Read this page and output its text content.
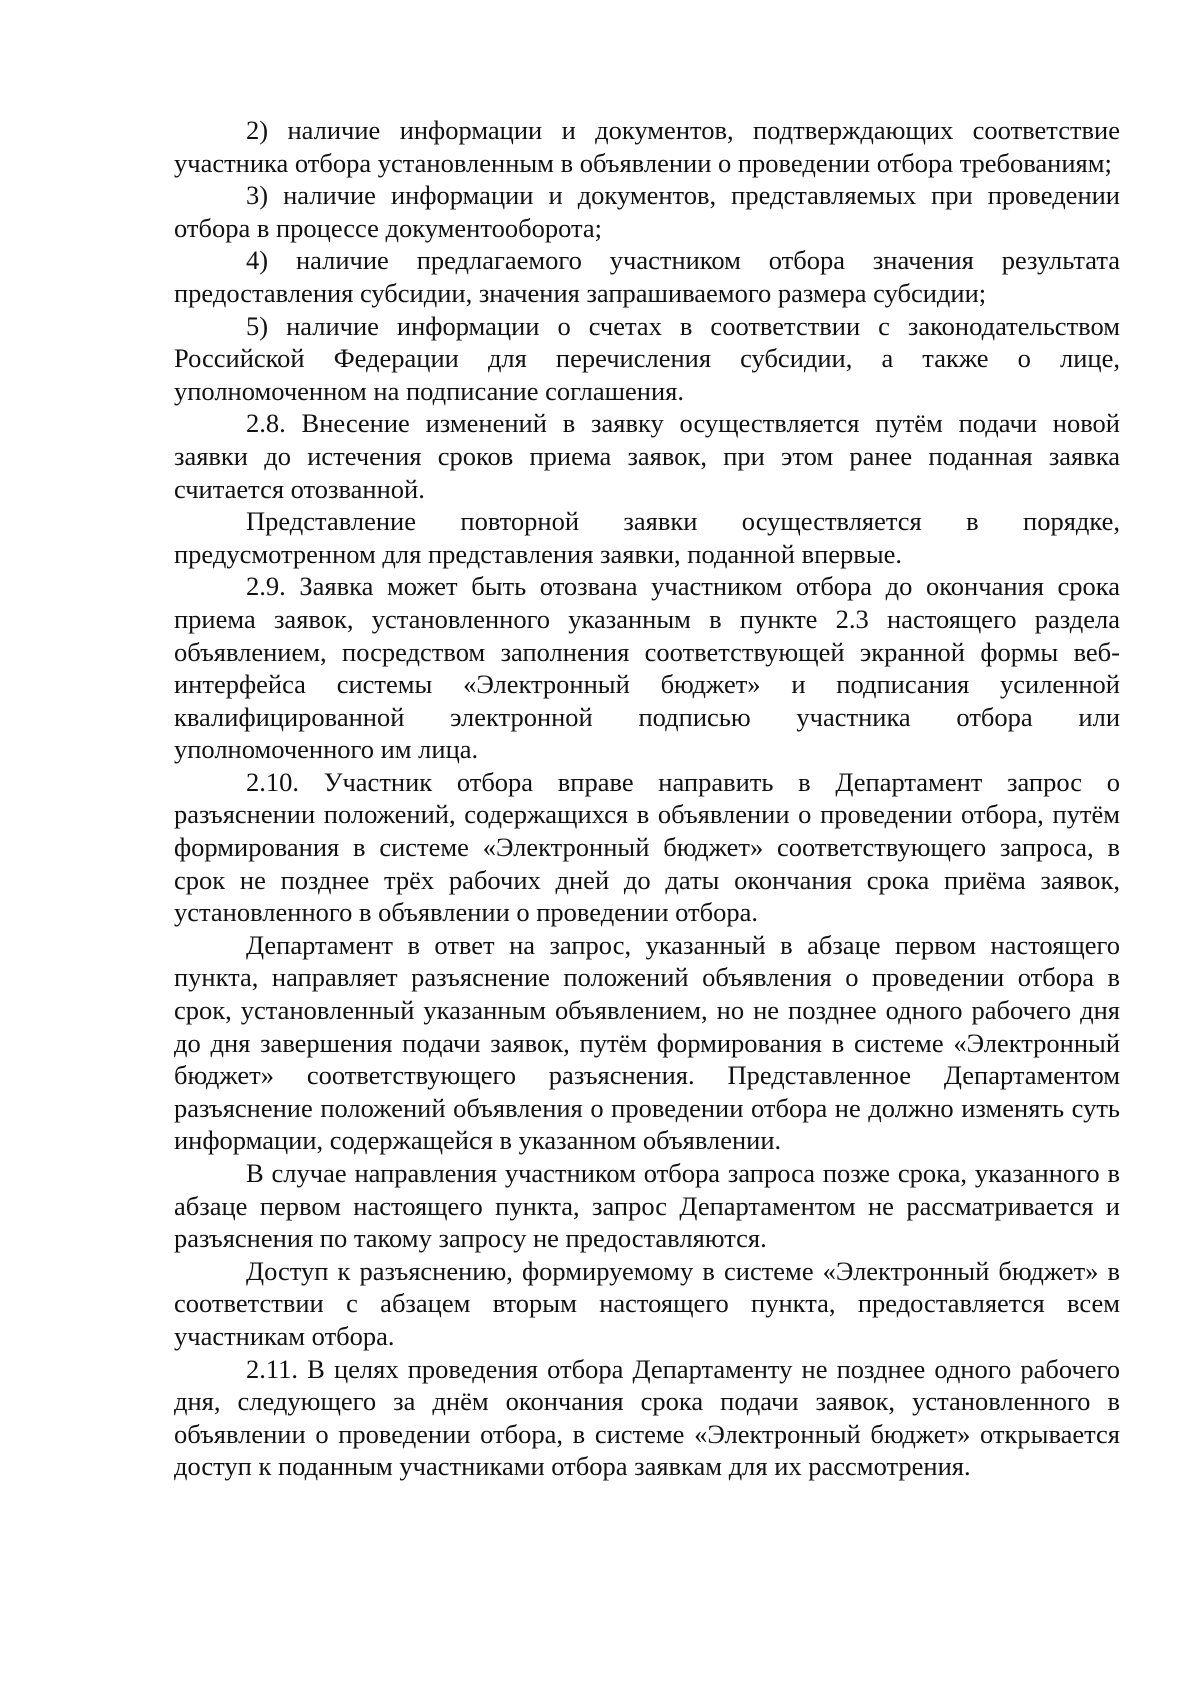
2) наличие информации и документов, подтверждающих соответствие участника отбора установленным в объявлении о проведении отбора требованиям;

3) наличие информации и документов, представляемых при проведении отбора в процессе документооборота;

4) наличие предлагаемого участником отбора значения результата предоставления субсидии, значения запрашиваемого размера субсидии;

5) наличие информации о счетах в соответствии с законодательством Российской Федерации для перечисления субсидии, а также о лице, уполномоченном на подписание соглашения.

2.8. Внесение изменений в заявку осуществляется путём подачи новой заявки до истечения сроков приема заявок, при этом ранее поданная заявка считается отозванной.

Представление повторной заявки осуществляется в порядке, предусмотренном для представления заявки, поданной впервые.

2.9. Заявка может быть отозвана участником отбора до окончания срока приема заявок, установленного указанным в пункте 2.3 настоящего раздела объявлением, посредством заполнения соответствующей экранной формы веб-интерфейса системы «Электронный бюджет» и подписания усиленной квалифицированной электронной подписью участника отбора или уполномоченного им лица.

2.10. Участник отбора вправе направить в Департамент запрос о разъяснении положений, содержащихся в объявлении о проведении отбора, путём формирования в системе «Электронный бюджет» соответствующего запроса, в срок не позднее трёх рабочих дней до даты окончания срока приёма заявок, установленного в объявлении о проведении отбора.

Департамент в ответ на запрос, указанный в абзаце первом настоящего пункта, направляет разъяснение положений объявления о проведении отбора в срок, установленный указанным объявлением, но не позднее одного рабочего дня до дня завершения подачи заявок, путём формирования в системе «Электронный бюджет» соответствующего разъяснения. Представленное Департаментом разъяснение положений объявления о проведении отбора не должно изменять суть информации, содержащейся в указанном объявлении.

В случае направления участником отбора запроса позже срока, указанного в абзаце первом настоящего пункта, запрос Департаментом не рассматривается и разъяснения по такому запросу не предоставляются.

Доступ к разъяснению, формируемому в системе «Электронный бюджет» в соответствии с абзацем вторым настоящего пункта, предоставляется всем участникам отбора.

2.11. В целях проведения отбора Департаменту не позднее одного рабочего дня, следующего за днём окончания срока подачи заявок, установленного в объявлении о проведении отбора, в системе «Электронный бюджет» открывается доступ к поданным участниками отбора заявкам для их рассмотрения.
